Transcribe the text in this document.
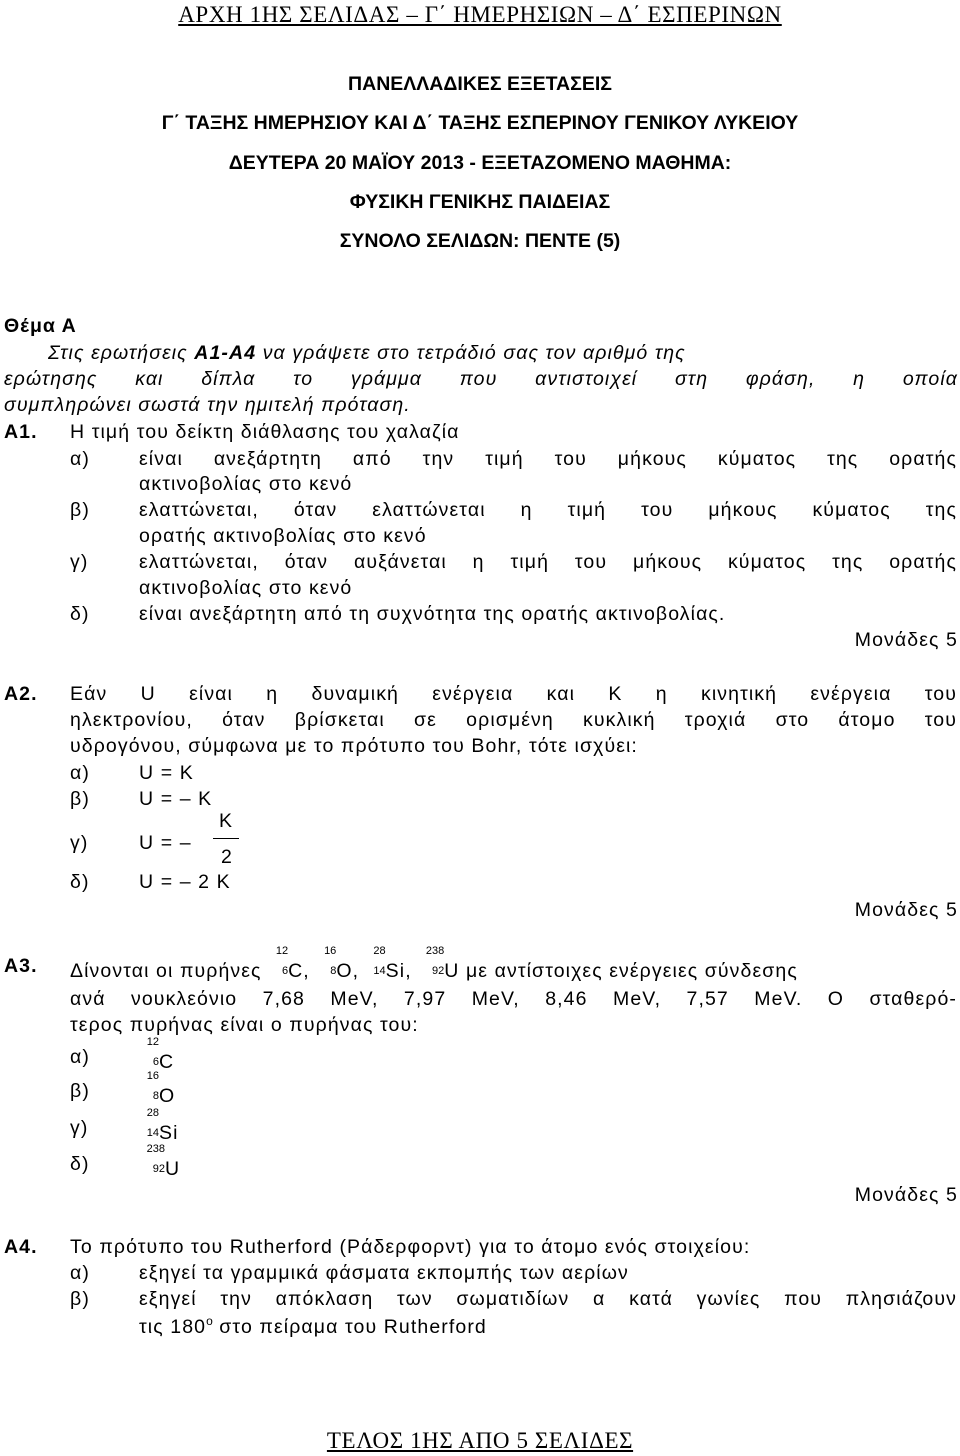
ΑΡΧΗ 1ΗΣ ΣΕΛΙΔΑΣ – Γ΄ ΗΜΕΡΗΣΙΩΝ – Δ΄ ΕΣΠΕΡΙΝΩΝ
ΠΑΝΕΛΛΑΔΙΚΕΣ ΕΞΕΤΑΣΕΙΣ
Γ΄ ΤΑΞΗΣ ΗΜΕΡΗΣΙΟΥ ΚΑΙ Δ΄ ΤΑΞΗΣ ΕΣΠΕΡΙΝΟΥ ΓΕΝΙΚΟΥ ΛΥΚΕΙΟΥ
ΔΕΥΤΕΡΑ 20 ΜΑΪΟΥ 2013 - ΕΞΕΤΑΖΟΜΕΝΟ ΜΑΘΗΜΑ:
ΦΥΣΙΚΗ ΓΕΝΙΚΗΣ ΠΑΙΔΕΙΑΣ
ΣΥΝΟΛΟ ΣΕΛΙΔΩΝ: ΠΕΝΤΕ (5)
Θέμα Α
Στις ερωτήσεις Α1-Α4 να γράψετε στο τετράδιό σας τον αριθμό της
ερώτησης και δίπλα το γράμμα που αντιστοιχεί στη φράση, η οποία
συμπληρώνει σωστά την ημιτελή πρόταση.
Α1. Η τιμή του δείκτη διάθλασης του χαλαζία
α)	είναι ανεξάρτητη από την τιμή του μήκους κύματος της ορατής
ακτινοβολίας στο κενό
β)	ελαττώνεται, όταν ελαττώνεται η τιμή του μήκους κύματος της
ορατής ακτινοβολίας στο κενό
γ)	ελαττώνεται, όταν αυξάνεται η τιμή του μήκους κύματος της ορατής
ακτινοβολίας στο κενό
δ)	είναι ανεξάρτητη από τη συχνότητα της ορατής ακτινοβολίας.
Μονάδες 5
Α2. Εάν U είναι η δυναμική ενέργεια και Κ η κινητική ενέργεια του
ηλεκτρονίου, όταν βρίσκεται σε ορισμένη κυκλική τροχιά στο άτομο του
υδρογόνου, σύμφωνα με το πρότυπο του Bohr, τότε ισχύει:
α)	U = K
β)	U = – K
γ)	U = –
K
2
δ)	U = – 2 K
Μονάδες 5
Α3. Δίνονται οι πυρήνες
12
6 C,
16
8 O,
28
14 Si,
238
92 U με αντίστοιχες ενέργειες σύνδεσης
ανά νουκλεόνιο 7,68 MeV, 7,97 MeV, 8,46 MeV, 7,57 MeV. Ο σταθερό-
τερος πυρήνας είναι ο πυρήνας του:
α)
12
6 C
β)
16
8 O
γ)
28
14 Si
δ)
238
92 U
Μονάδες 5
Α4. Το πρότυπο του Rutherford (Ράδερφορντ) για το άτομο ενός στοιχείου:
α)	εξηγεί τα γραμμικά φάσματα εκπομπής των αερίων
β)	εξηγεί την απόκλαση των σωματιδίων α κατά γωνίες που πλησιάζουν
τις $180^o$ στο πείραμα του Rutherford
ΤΕΛΟΣ 1ΗΣ ΑΠΟ 5 ΣΕΛΙΔΕΣ
